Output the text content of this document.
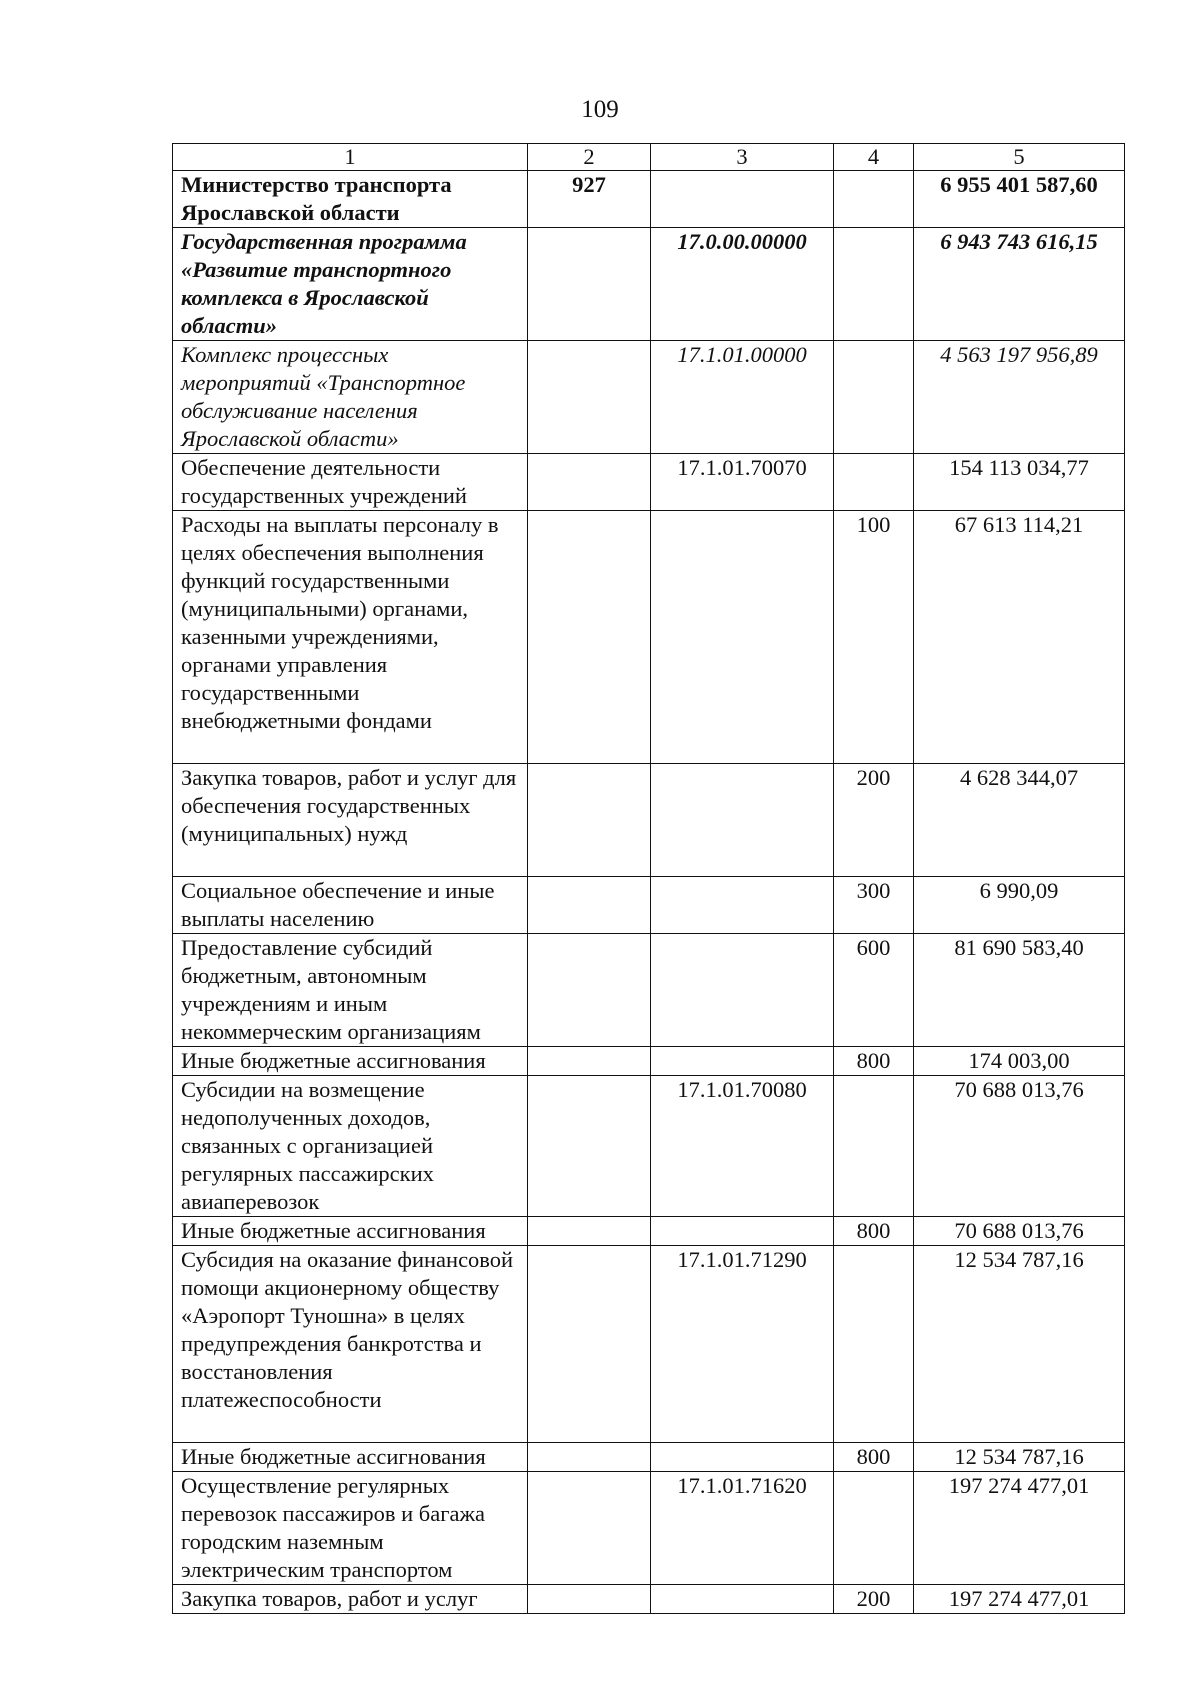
109
1	2	3	4	5
Министерство транспорта Ярославской области	927			6 955 401 587,60
Государственная программа «Развитие транспортного комплекса в Ярославской области»		17.0.00.00000		6 943 743 616,15
Комплекс процессных мероприятий «Транспортное обслуживание населения Ярославской области»		17.1.01.00000		4 563 197 956,89
Обеспечение деятельности государственных учреждений		17.1.01.70070		154 113 034,77
Расходы на выплаты персоналу в целях обеспечения выполнения функций государственными (муниципальными) органами, казенными учреждениями, органами управления государственными внебюджетными фондами			100	67 613 114,21
Закупка товаров, работ и услуг для обеспечения государственных (муниципальных) нужд			200	4 628 344,07
Социальное обеспечение и иные выплаты населению			300	6 990,09
Предоставление субсидий бюджетным, автономным учреждениям и иным некоммерческим организациям			600	81 690 583,40
Иные бюджетные ассигнования			800	174 003,00
Субсидии на возмещение недополученных доходов, связанных с организацией регулярных пассажирских авиаперевозок		17.1.01.70080		70 688 013,76
Иные бюджетные ассигнования			800	70 688 013,76
Субсидия на оказание финансовой помощи акционерному обществу «Аэропорт Туношна» в целях предупреждения банкротства и восстановления платежеспособности		17.1.01.71290		12 534 787,16
Иные бюджетные ассигнования			800	12 534 787,16
Осуществление регулярных перевозок пассажиров и багажа городским наземным электрическим транспортом		17.1.01.71620		197 274 477,01
Закупка товаров, работ и услуг			200	197 274 477,01
